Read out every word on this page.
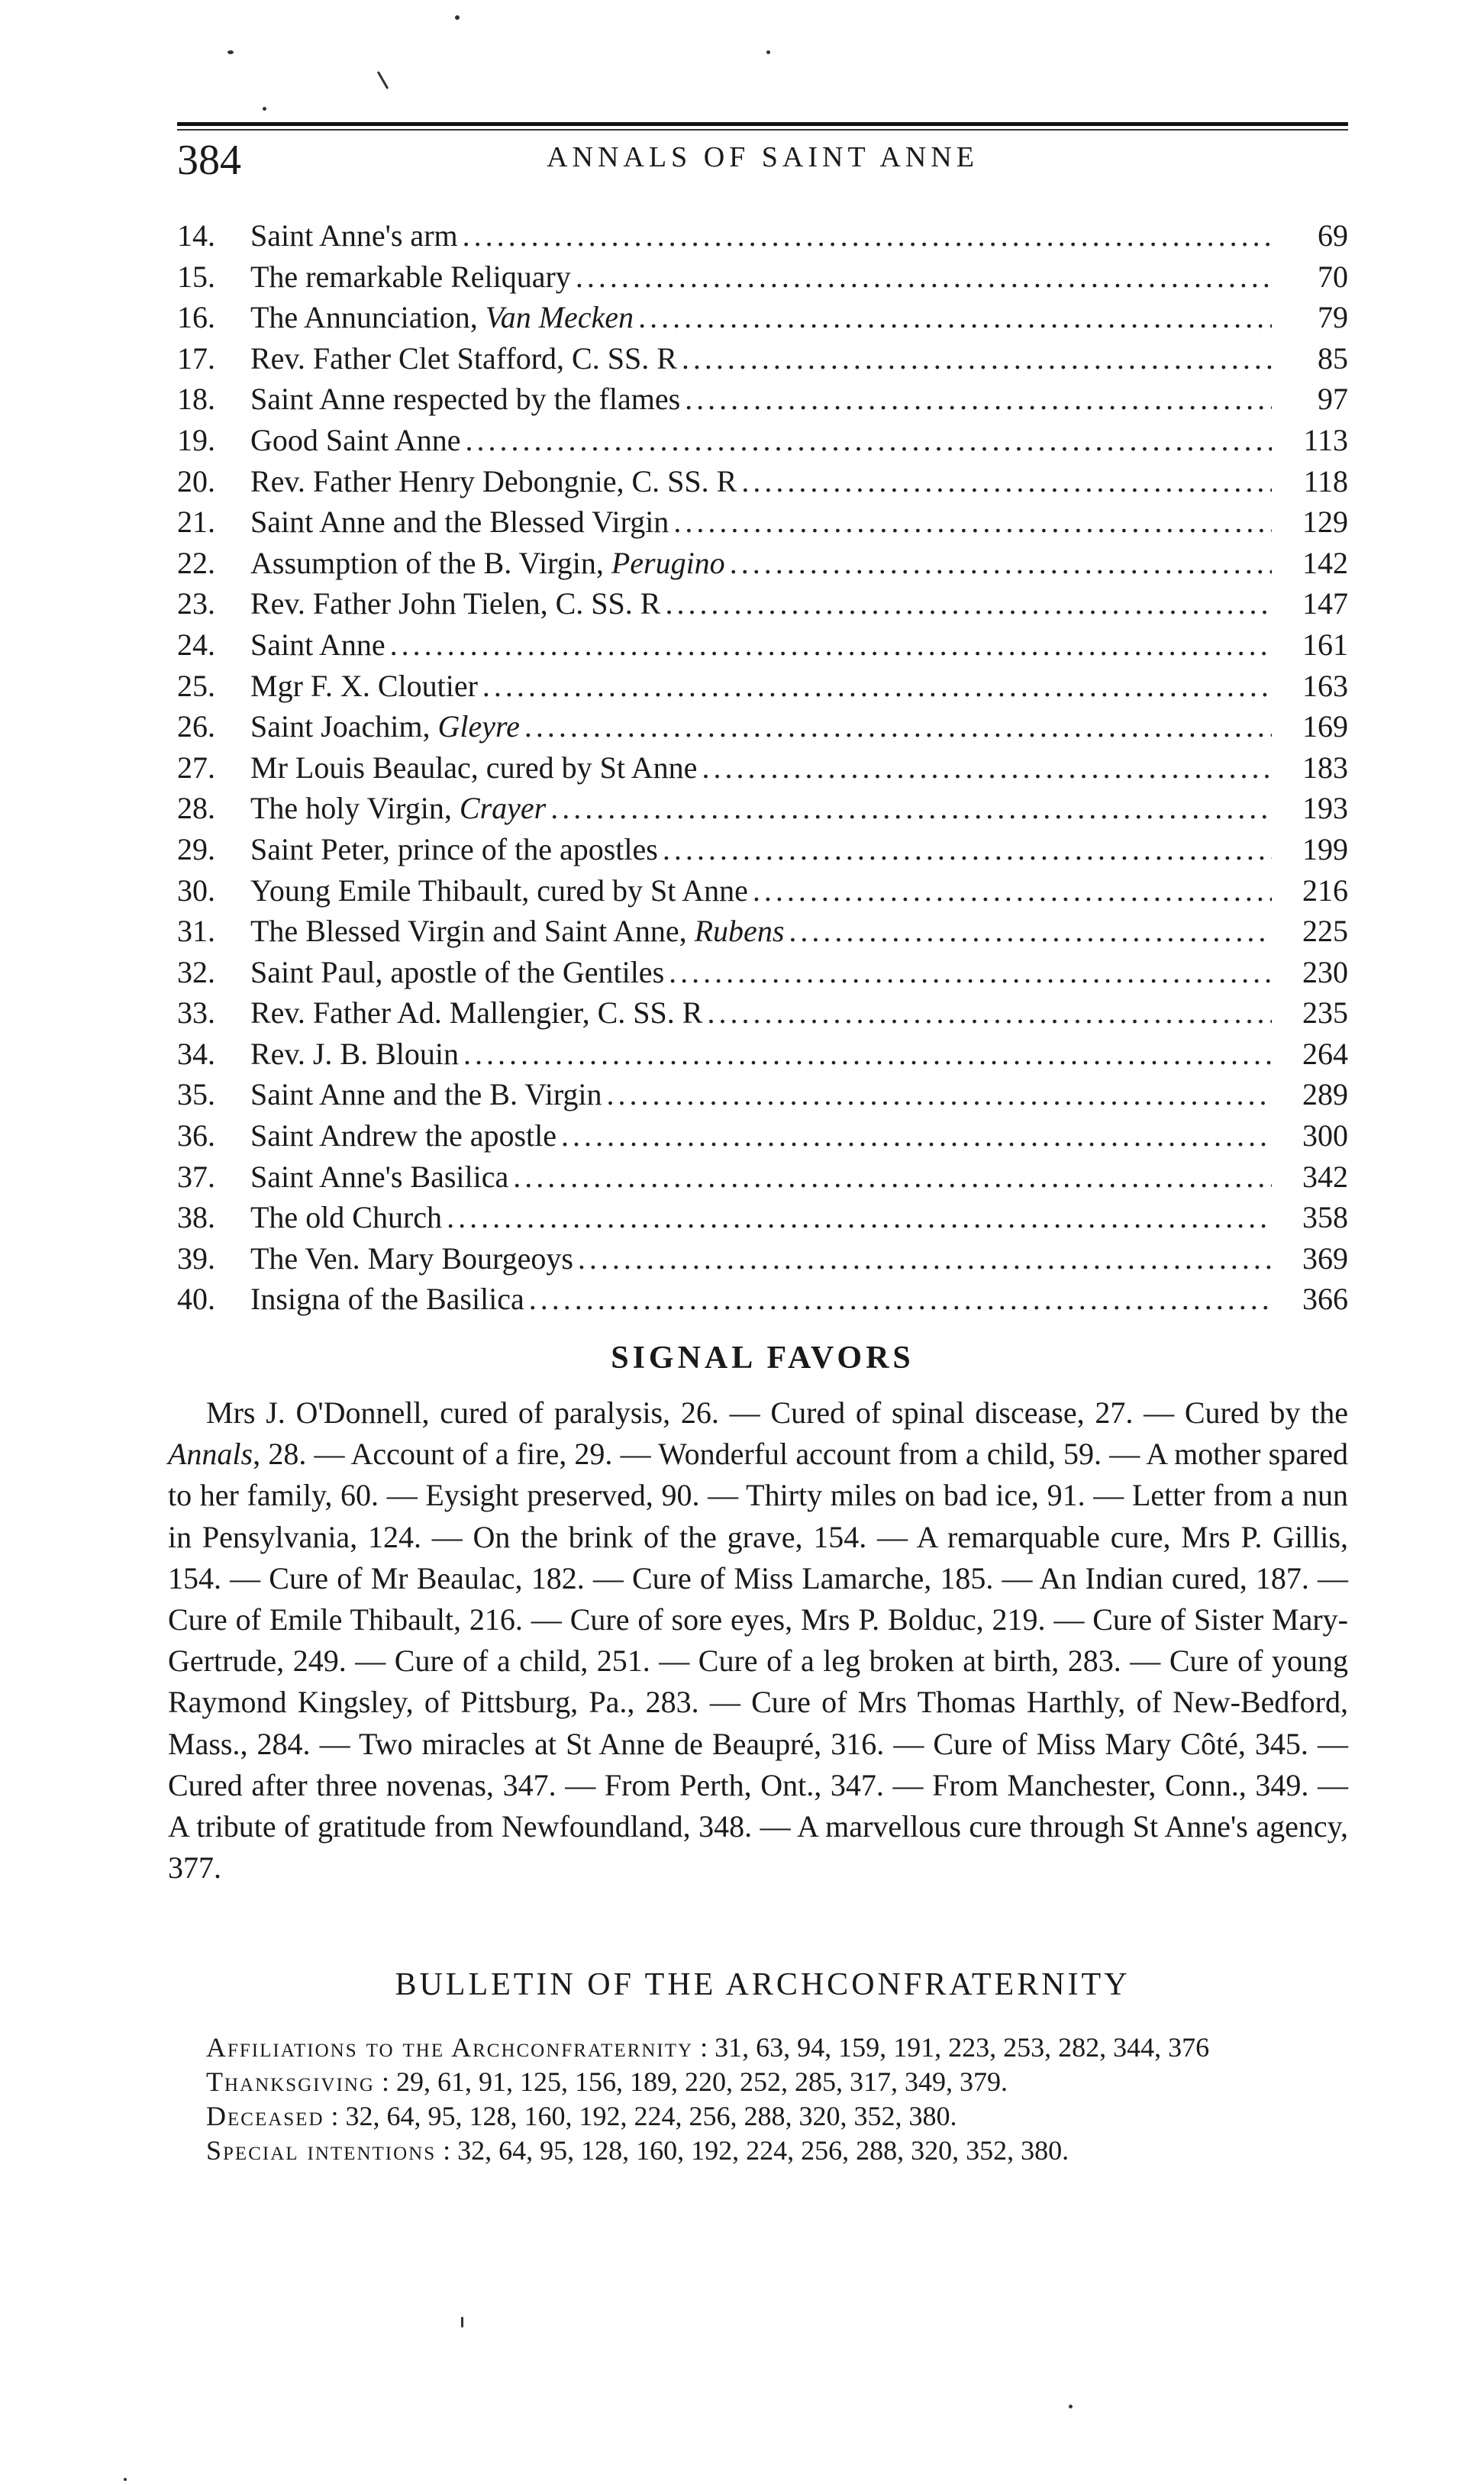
384	ANNALS OF SAINT ANNE
14.	Saint Anne's arm .....	69
15.	The remarkable Reliquary .....	70
16.	The Annunciation, Van Mecken .....	79
17.	Rev. Father Clet Stafford, C. SS. R .....	85
18.	Saint Anne respected by the flames .....	97
19.	Good Saint Anne .....	113
20.	Rev. Father Henry Debongnie, C. SS. R .....	118
21.	Saint Anne and the Blessed Virgin .....	129
22.	Assumption of the B. Virgin, Perugino .....	142
23.	Rev. Father John Tielen, C. SS. R .....	147
24.	Saint Anne .....	161
25.	Mgr F. X. Cloutier .....	163
26.	Saint Joachim, Gleyre .....	169
27.	Mr Louis Beaulac, cured by St Anne .....	183
28.	The holy Virgin, Crayer .....	193
29.	Saint Peter, prince of the apostles .....	199
30.	Young Emile Thibault, cured by St Anne .....	216
31.	The Blessed Virgin and Saint Anne, Rubens .....	225
32.	Saint Paul, apostle of the Gentiles .....	230
33.	Rev. Father Ad. Mallengier, C. SS. R .....	235
34.	Rev. J. B. Blouin .....	264
35.	Saint Anne and the B. Virgin .....	289
36.	Saint Andrew the apostle .....	300
37.	Saint Anne's Basilica .....	342
38.	The old Church .....	358
39.	The Ven. Mary Bourgeoys .....	369
40.	Insigna of the Basilica .....	366
SIGNAL FAVORS

Mrs J. O'Donnell, cured of paralysis, 26. — Cured of spinal discease, 27. — Cured by the Annals, 28. — Account of a fire, 29. — Wonderful account from a child, 59. — A mother spared to her family, 60. — Eysight preserved, 90. — Thirty miles on bad ice, 91. — Letter from a nun in Pensylvania, 124. — On the brink of the grave, 154. — A remarquable cure, Mrs P. Gillis, 154. — Cure of Mr Beaulac, 182. — Cure of Miss Lamarche, 185. — An Indian cured, 187. — Cure of Emile Thibault, 216. — Cure of sore eyes, Mrs P. Bolduc, 219. — Cure of Sister Mary-Gertrude, 249. — Cure of a child, 251. — Cure of a leg broken at birth, 283. — Cure of young Raymond Kingsley, of Pittsburg, Pa., 283. — Cure of Mrs Thomas Harthly, of New-Bedford, Mass., 284. — Two miracles at St Anne de Beaupré, 316. — Cure of Miss Mary Côté, 345. — Cured after three novenas, 347. — From Perth, Ont., 347. — From Manchester, Conn., 349. — A tribute of gratitude from Newfoundland, 348. — A marvellous cure through St Anne's agency, 377.

BULLETIN OF THE ARCHCONFRATERNITY

Affiliations to the Archconfraternity : 31, 63, 94, 159, 191, 223, 253, 282, 344, 376

Thanksgiving : 29, 61, 91, 125, 156, 189, 220, 252, 285, 317, 349, 379.

Deceased : 32, 64, 95, 128, 160, 192, 224, 256, 288, 320, 352, 380.

Special intentions : 32, 64, 95, 128, 160, 192, 224, 256, 288, 320, 352, 380.
